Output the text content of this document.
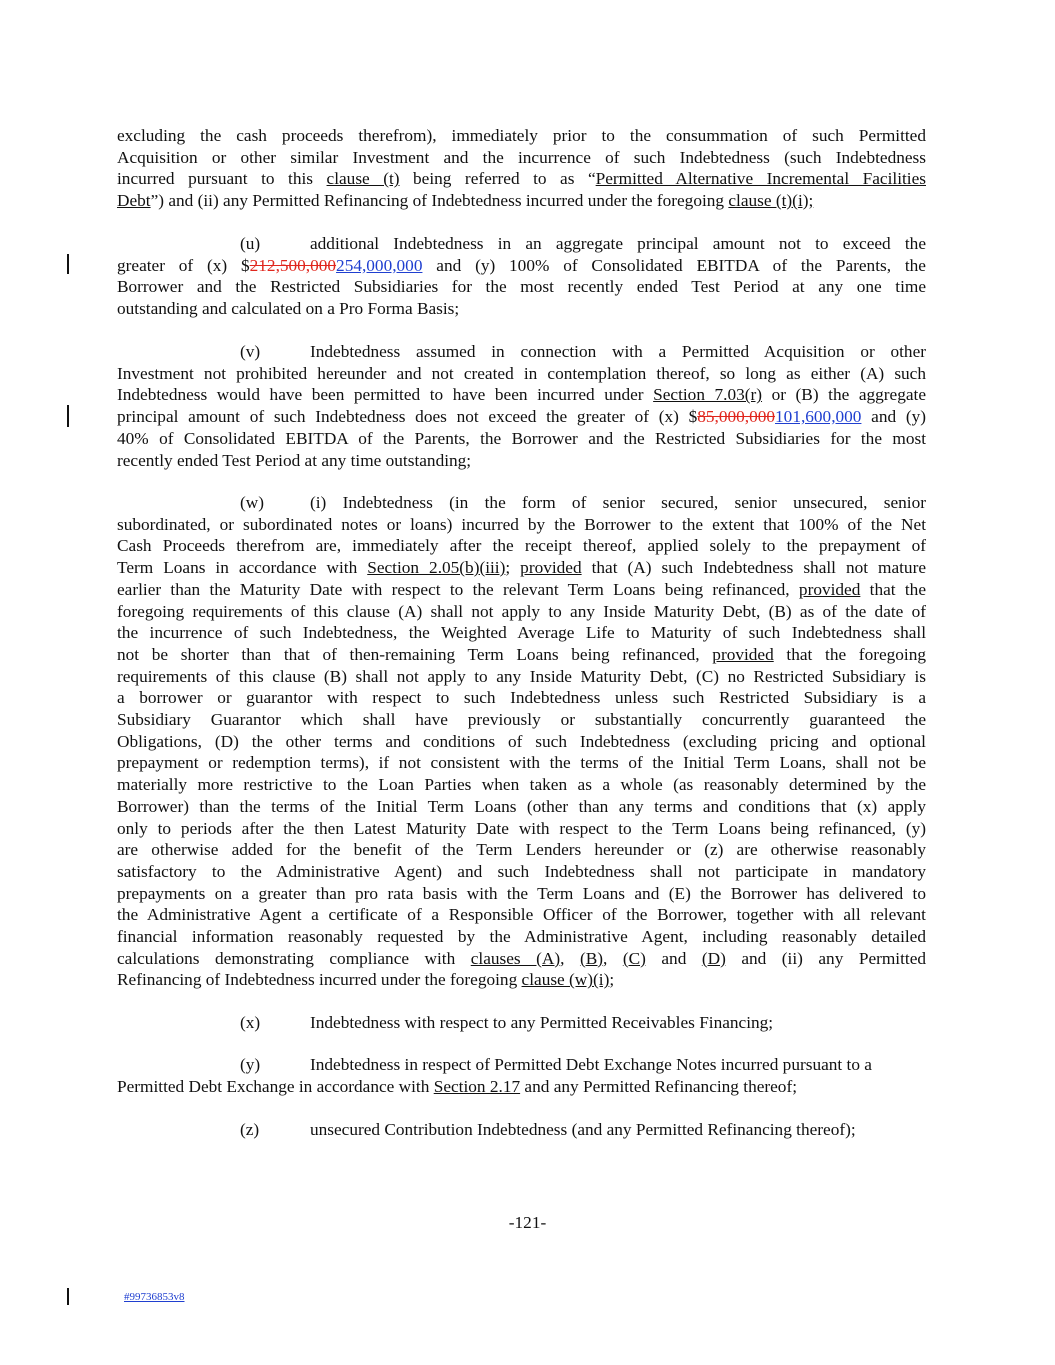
excluding the cash proceeds therefrom), immediately prior to the consummation of such Permitted

Acquisition or other similar Investment and the incurrence of such Indebtedness (such Indebtedness

incurred pursuant to this clause (t) being referred to as “Permitted Alternative Incremental Facilities

Debt”) and (ii) any Permitted Refinancing of Indebtedness incurred under the foregoing clause (t)(i);

(u)	additional Indebtedness in an aggregate principal amount not to exceed the

greater of (x) $212,500,000254,000,000 and (y) 100% of Consolidated EBITDA of the Parents, the

Borrower and the Restricted Subsidiaries for the most recently ended Test Period at any one time

outstanding and calculated on a Pro Forma Basis;

(v)	Indebtedness assumed in connection with a Permitted Acquisition or other

Investment not prohibited hereunder and not created in contemplation thereof, so long as either (A) such

Indebtedness would have been permitted to have been incurred under Section 7.03(r) or (B) the aggregate

principal amount of such Indebtedness does not exceed the greater of (x) $85,000,000101,600,000 and (y)

40% of Consolidated EBITDA of the Parents, the Borrower and the Restricted Subsidiaries for the most

recently ended Test Period at any time outstanding;

(w)	(i) Indebtedness (in the form of senior secured, senior unsecured, senior

subordinated, or subordinated notes or loans) incurred by the Borrower to the extent that 100% of the Net

Cash Proceeds therefrom are, immediately after the receipt thereof, applied solely to the prepayment of

Term Loans in accordance with Section 2.05(b)(iii); provided that (A) such Indebtedness shall not mature

earlier than the Maturity Date with respect to the relevant Term Loans being refinanced, provided that the

foregoing requirements of this clause (A) shall not apply to any Inside Maturity Debt, (B) as of the date of

the incurrence of such Indebtedness, the Weighted Average Life to Maturity of such Indebtedness shall

not be shorter than that of then-remaining Term Loans being refinanced, provided that the foregoing

requirements of this clause (B) shall not apply to any Inside Maturity Debt, (C) no Restricted Subsidiary is

a borrower or guarantor with respect to such Indebtedness unless such Restricted Subsidiary is a

Subsidiary Guarantor which shall have previously or substantially concurrently guaranteed the

Obligations, (D) the other terms and conditions of such Indebtedness (excluding pricing and optional

prepayment or redemption terms), if not consistent with the terms of the Initial Term Loans, shall not be

materially more restrictive to the Loan Parties when taken as a whole (as reasonably determined by the

Borrower) than the terms of the Initial Term Loans (other than any terms and conditions that (x) apply

only to periods after the then Latest Maturity Date with respect to the Term Loans being refinanced, (y)

are otherwise added for the benefit of the Term Lenders hereunder or (z) are otherwise reasonably

satisfactory to the Administrative Agent) and such Indebtedness shall not participate in mandatory

prepayments on a greater than pro rata basis with the Term Loans and (E) the Borrower has delivered to

the Administrative Agent a certificate of a Responsible Officer of the Borrower, together with all relevant

financial information reasonably requested by the Administrative Agent, including reasonably detailed

calculations demonstrating compliance with clauses (A), (B), (C) and (D) and (ii) any Permitted

Refinancing of Indebtedness incurred under the foregoing clause (w)(i);

(x)	Indebtedness with respect to any Permitted Receivables Financing;

(y)	Indebtedness in respect of Permitted Debt Exchange Notes incurred pursuant to a

Permitted Debt Exchange in accordance with Section 2.17 and any Permitted Refinancing thereof;

(z)	unsecured Contribution Indebtedness (and any Permitted Refinancing thereof);

-121-
#99736853v8
